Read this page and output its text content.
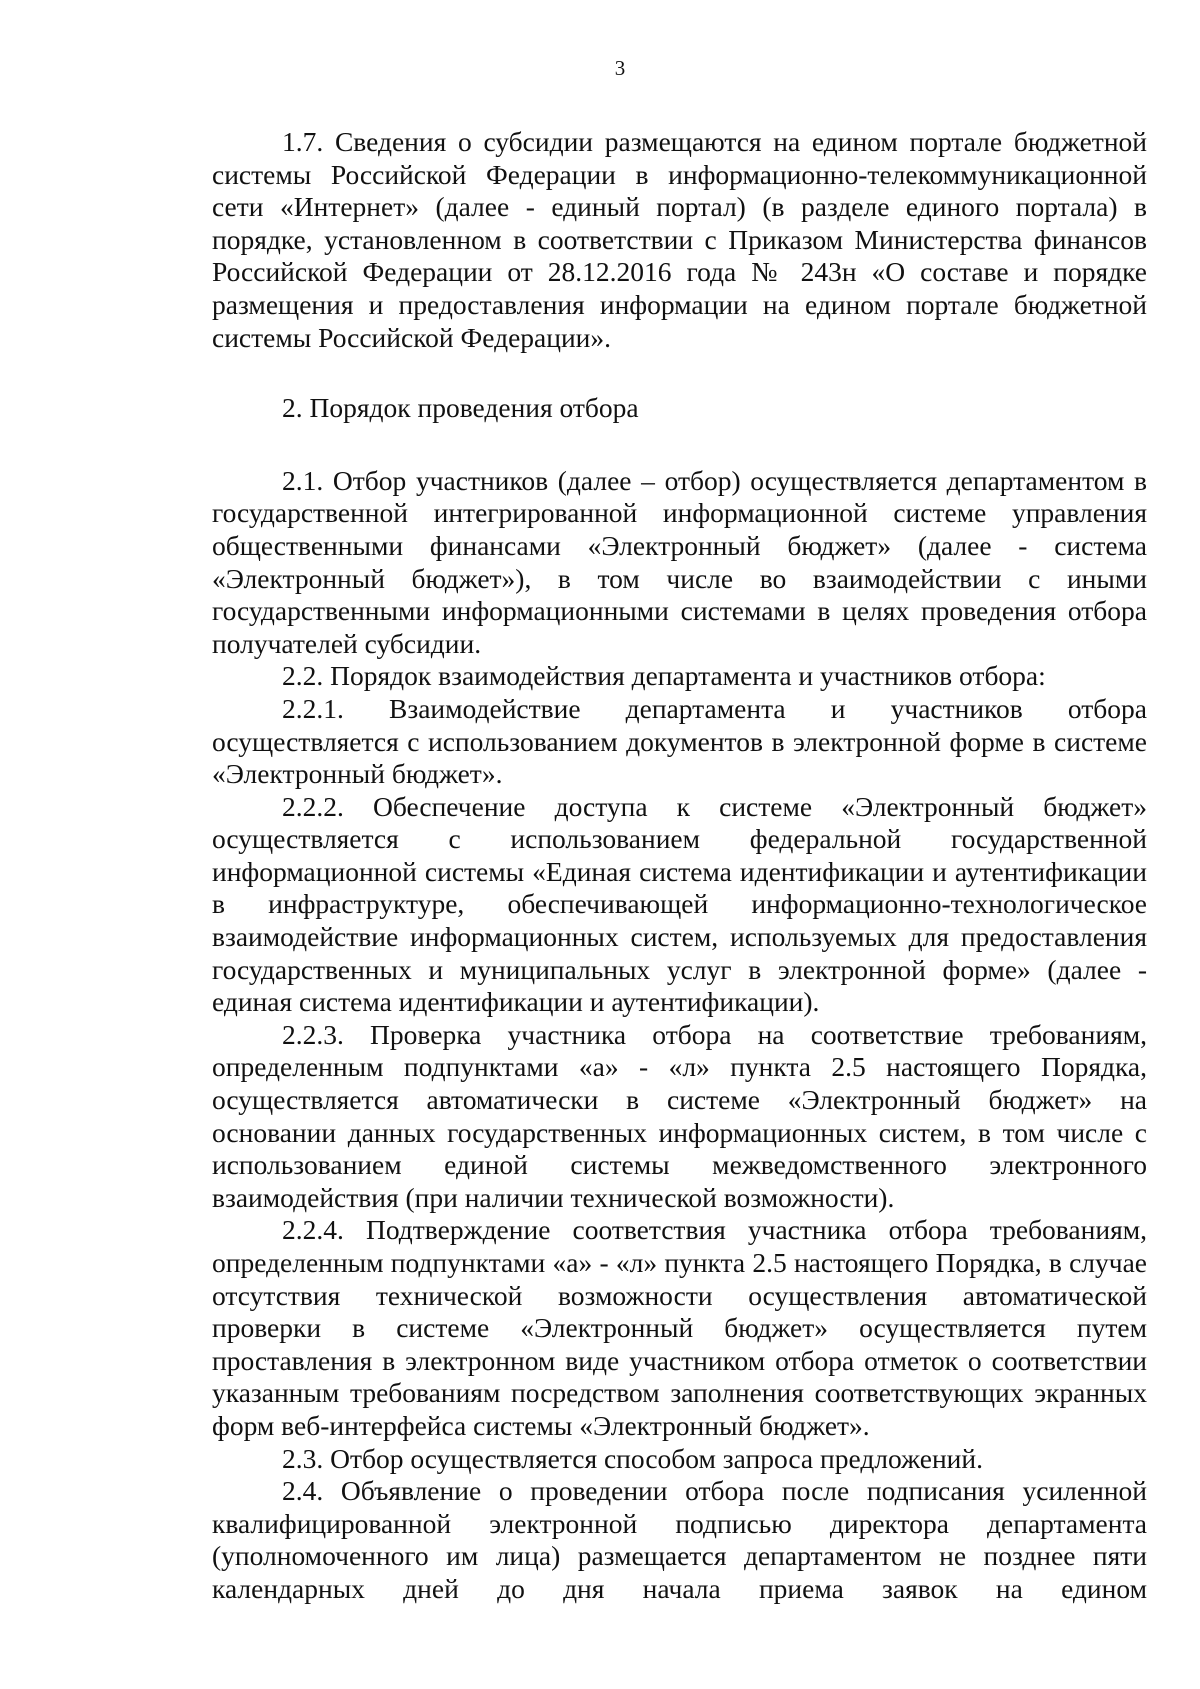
3

1.7. Сведения о субсидии размещаются на едином портале бюджетной системы Российской Федерации в информационно-телекоммуникационной сети «Интернет» (далее - единый портал) (в разделе единого портала) в порядке, установленном в соответствии с Приказом Министерства финансов Российской Федерации от 28.12.2016 года № 243н «О составе и порядке размещения и предоставления информации на едином портале бюджетной системы Российской Федерации».

2. Порядок проведения отбора

2.1. Отбор участников (далее – отбор) осуществляется департаментом в государственной интегрированной информационной системе управления общественными финансами «Электронный бюджет» (далее - система «Электронный бюджет»), в том числе во взаимодействии с иными государственными информационными системами в целях проведения отбора получателей субсидии.

2.2. Порядок взаимодействия департамента и участников отбора:

2.2.1. Взаимодействие департамента и участников отбора осуществляется с использованием документов в электронной форме в системе «Электронный бюджет».

2.2.2. Обеспечение доступа к системе «Электронный бюджет» осуществляется с использованием федеральной государственной информационной системы «Единая система идентификации и аутентификации в инфраструктуре, обеспечивающей информационно-технологическое взаимодействие информационных систем, используемых для предоставления государственных и муниципальных услуг в электронной форме» (далее - единая система идентификации и аутентификации).

2.2.3. Проверка участника отбора на соответствие требованиям, определенным подпунктами «а» - «л» пункта 2.5 настоящего Порядка, осуществляется автоматически в системе «Электронный бюджет» на основании данных государственных информационных систем, в том числе с использованием единой системы межведомственного электронного взаимодействия (при наличии технической возможности).

2.2.4. Подтверждение соответствия участника отбора требованиям, определенным подпунктами «а» - «л» пункта 2.5 настоящего Порядка, в случае отсутствия технической возможности осуществления автоматической проверки в системе «Электронный бюджет» осуществляется путем проставления в электронном виде участником отбора отметок о соответствии указанным требованиям посредством заполнения соответствующих экранных форм веб-интерфейса системы «Электронный бюджет».

2.3. Отбор осуществляется способом запроса предложений.

2.4. Объявление о проведении отбора после подписания усиленной квалифицированной электронной подписью директора департамента (уполномоченного им лица) размещается департаментом не позднее пяти календарных дней до дня начала приема заявок на едином
